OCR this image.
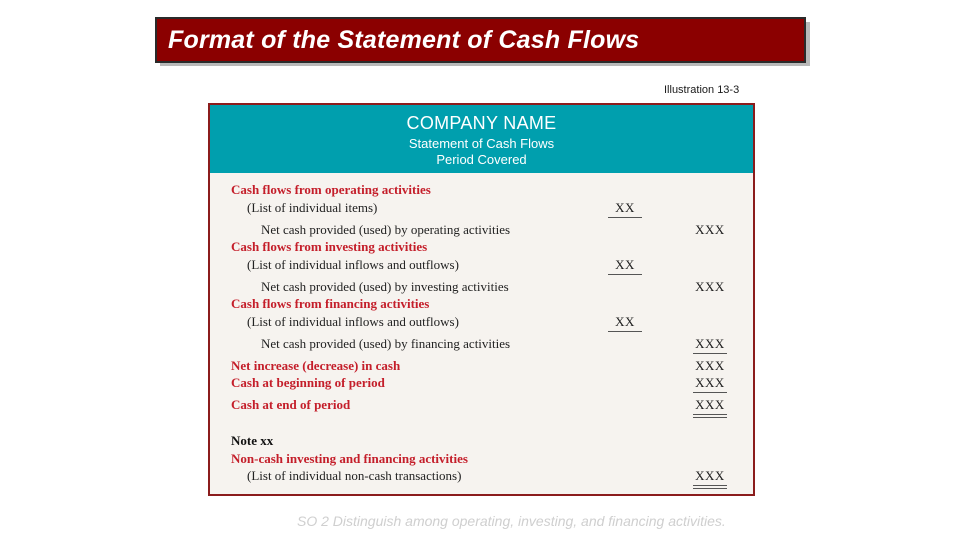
Format of the Statement of Cash Flows
Illustration 13-3
COMPANY NAME
Statement of Cash Flows
Period Covered
Cash flows from operating activities
(List of individual items)	XX
Net cash provided (used) by operating activities	XXX
Cash flows from investing activities
(List of individual inflows and outflows)	XX
Net cash provided (used) by investing activities	XXX
Cash flows from financing activities
(List of individual inflows and outflows)	XX
Net cash provided (used) by financing activities	XXX
Net increase (decrease) in cash	XXX
Cash at beginning of period	XXX
Cash at end of period	XXX
Note xx
Non-cash investing and financing activities
(List of individual non-cash transactions)	XXX
SO 2 Distinguish among operating, investing, and financing activities.
